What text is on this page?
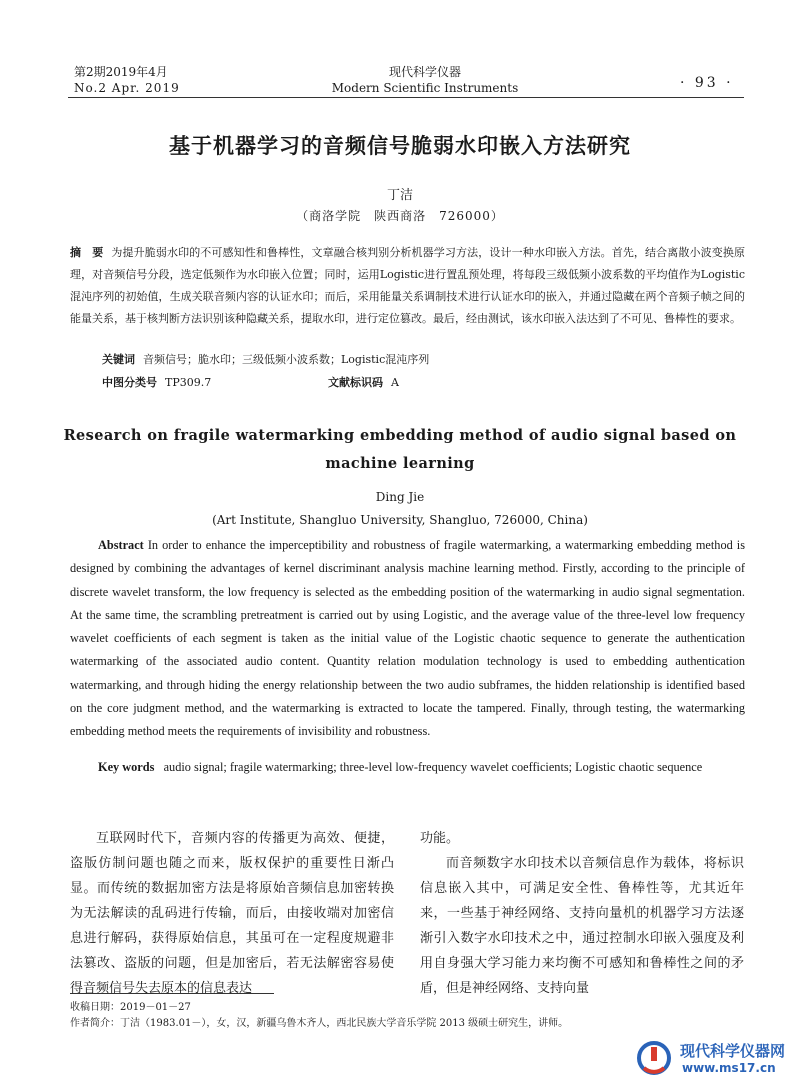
第2期2019年4月
No.2 Apr. 2019
现代科学仪器
Modern Scientific Instruments	· 93 ·
基于机器学习的音频信号脆弱水印嵌入方法研究
丁洁
（商洛学院　陕西商洛　726000）
摘　要 为提升脆弱水印的不可感知性和鲁棒性，文章融合核判别分析机器学习方法，设计一种水印嵌入方法。首先，结合离散小波变换原理，对音频信号分段，选定低频作为水印嵌入位置；同时，运用Logistic进行置乱预处理，将每段三级低频小波系数的平均值作为Logistic混沌序列的初始值，生成关联音频内容的认证水印；而后，采用能量关系调制技术进行认证水印的嵌入，并通过隐藏在两个音频子帧之间的能量关系，基于核判断方法识别该种隐藏关系，提取水印，进行定位篡改。最后，经由测试，该水印嵌入法达到了不可见、鲁棒性的要求。
关键词 音频信号；脆水印；三级低频小波系数；Logistic混沌序列
中图分类号 TP309.7	文献标识码 A
Research on fragile watermarking embedding method of audio signal based on machine learning
Ding Jie
(Art Institute, Shangluo University, Shangluo, 726000, China)
Abstract In order to enhance the imperceptibility and robustness of fragile watermarking, a watermarking embedding method is designed by combining the advantages of kernel discriminant analysis machine learning method. Firstly, according to the principle of discrete wavelet transform, the low frequency is selected as the embedding position of the watermarking in audio signal segmentation. At the same time, the scrambling pretreatment is carried out by using Logistic, and the average value of the three-level low frequency wavelet coefficients of each segment is taken as the initial value of the Logistic chaotic sequence to generate the authentication watermarking of the associated audio content. Quantity relation modulation technology is used to embedding authentication watermarking, and through hiding the energy relationship between the two audio subframes, the hidden relationship is identified based on the core judgment method, and the watermarking is extracted to locate the tampered. Finally, through testing, the watermarking embedding method meets the requirements of invisibility and robustness.
Key words audio signal; fragile watermarking; three-level low-frequency wavelet coefficients; Logistic chaotic sequence
互联网时代下，音频内容的传播更为高效、便捷，盗版仿制问题也随之而来，版权保护的重要性日渐凸显。而传统的数据加密方法是将原始音频信息加密转换为无法解读的乱码进行传输，而后，由接收端对加密信息进行解码，获得原始信息，其虽可在一定程度规避非法篡改、盗版的问题，但是加密后，若无法解密容易使得音频信号失去原本的信息表达
功能。
而音频数字水印技术以音频信息作为载体，将标识信息嵌入其中，可满足安全性、鲁棒性等，尤其近年来，一些基于神经网络、支持向量机的机器学习方法逐渐引入数字水印技术之中，通过控制水印嵌入强度及利用自身强大学习能力来均衡不可感知和鲁棒性之间的矛盾，但是神经网络、支持向量
收稿日期：2019－01－27
作者简介：丁洁（1983.01－），女，汉，新疆乌鲁木齐人，西北民族大学音乐学院 2013 级硕士研究生，讲师。
现代科学仪器网
www.ms17.cn
